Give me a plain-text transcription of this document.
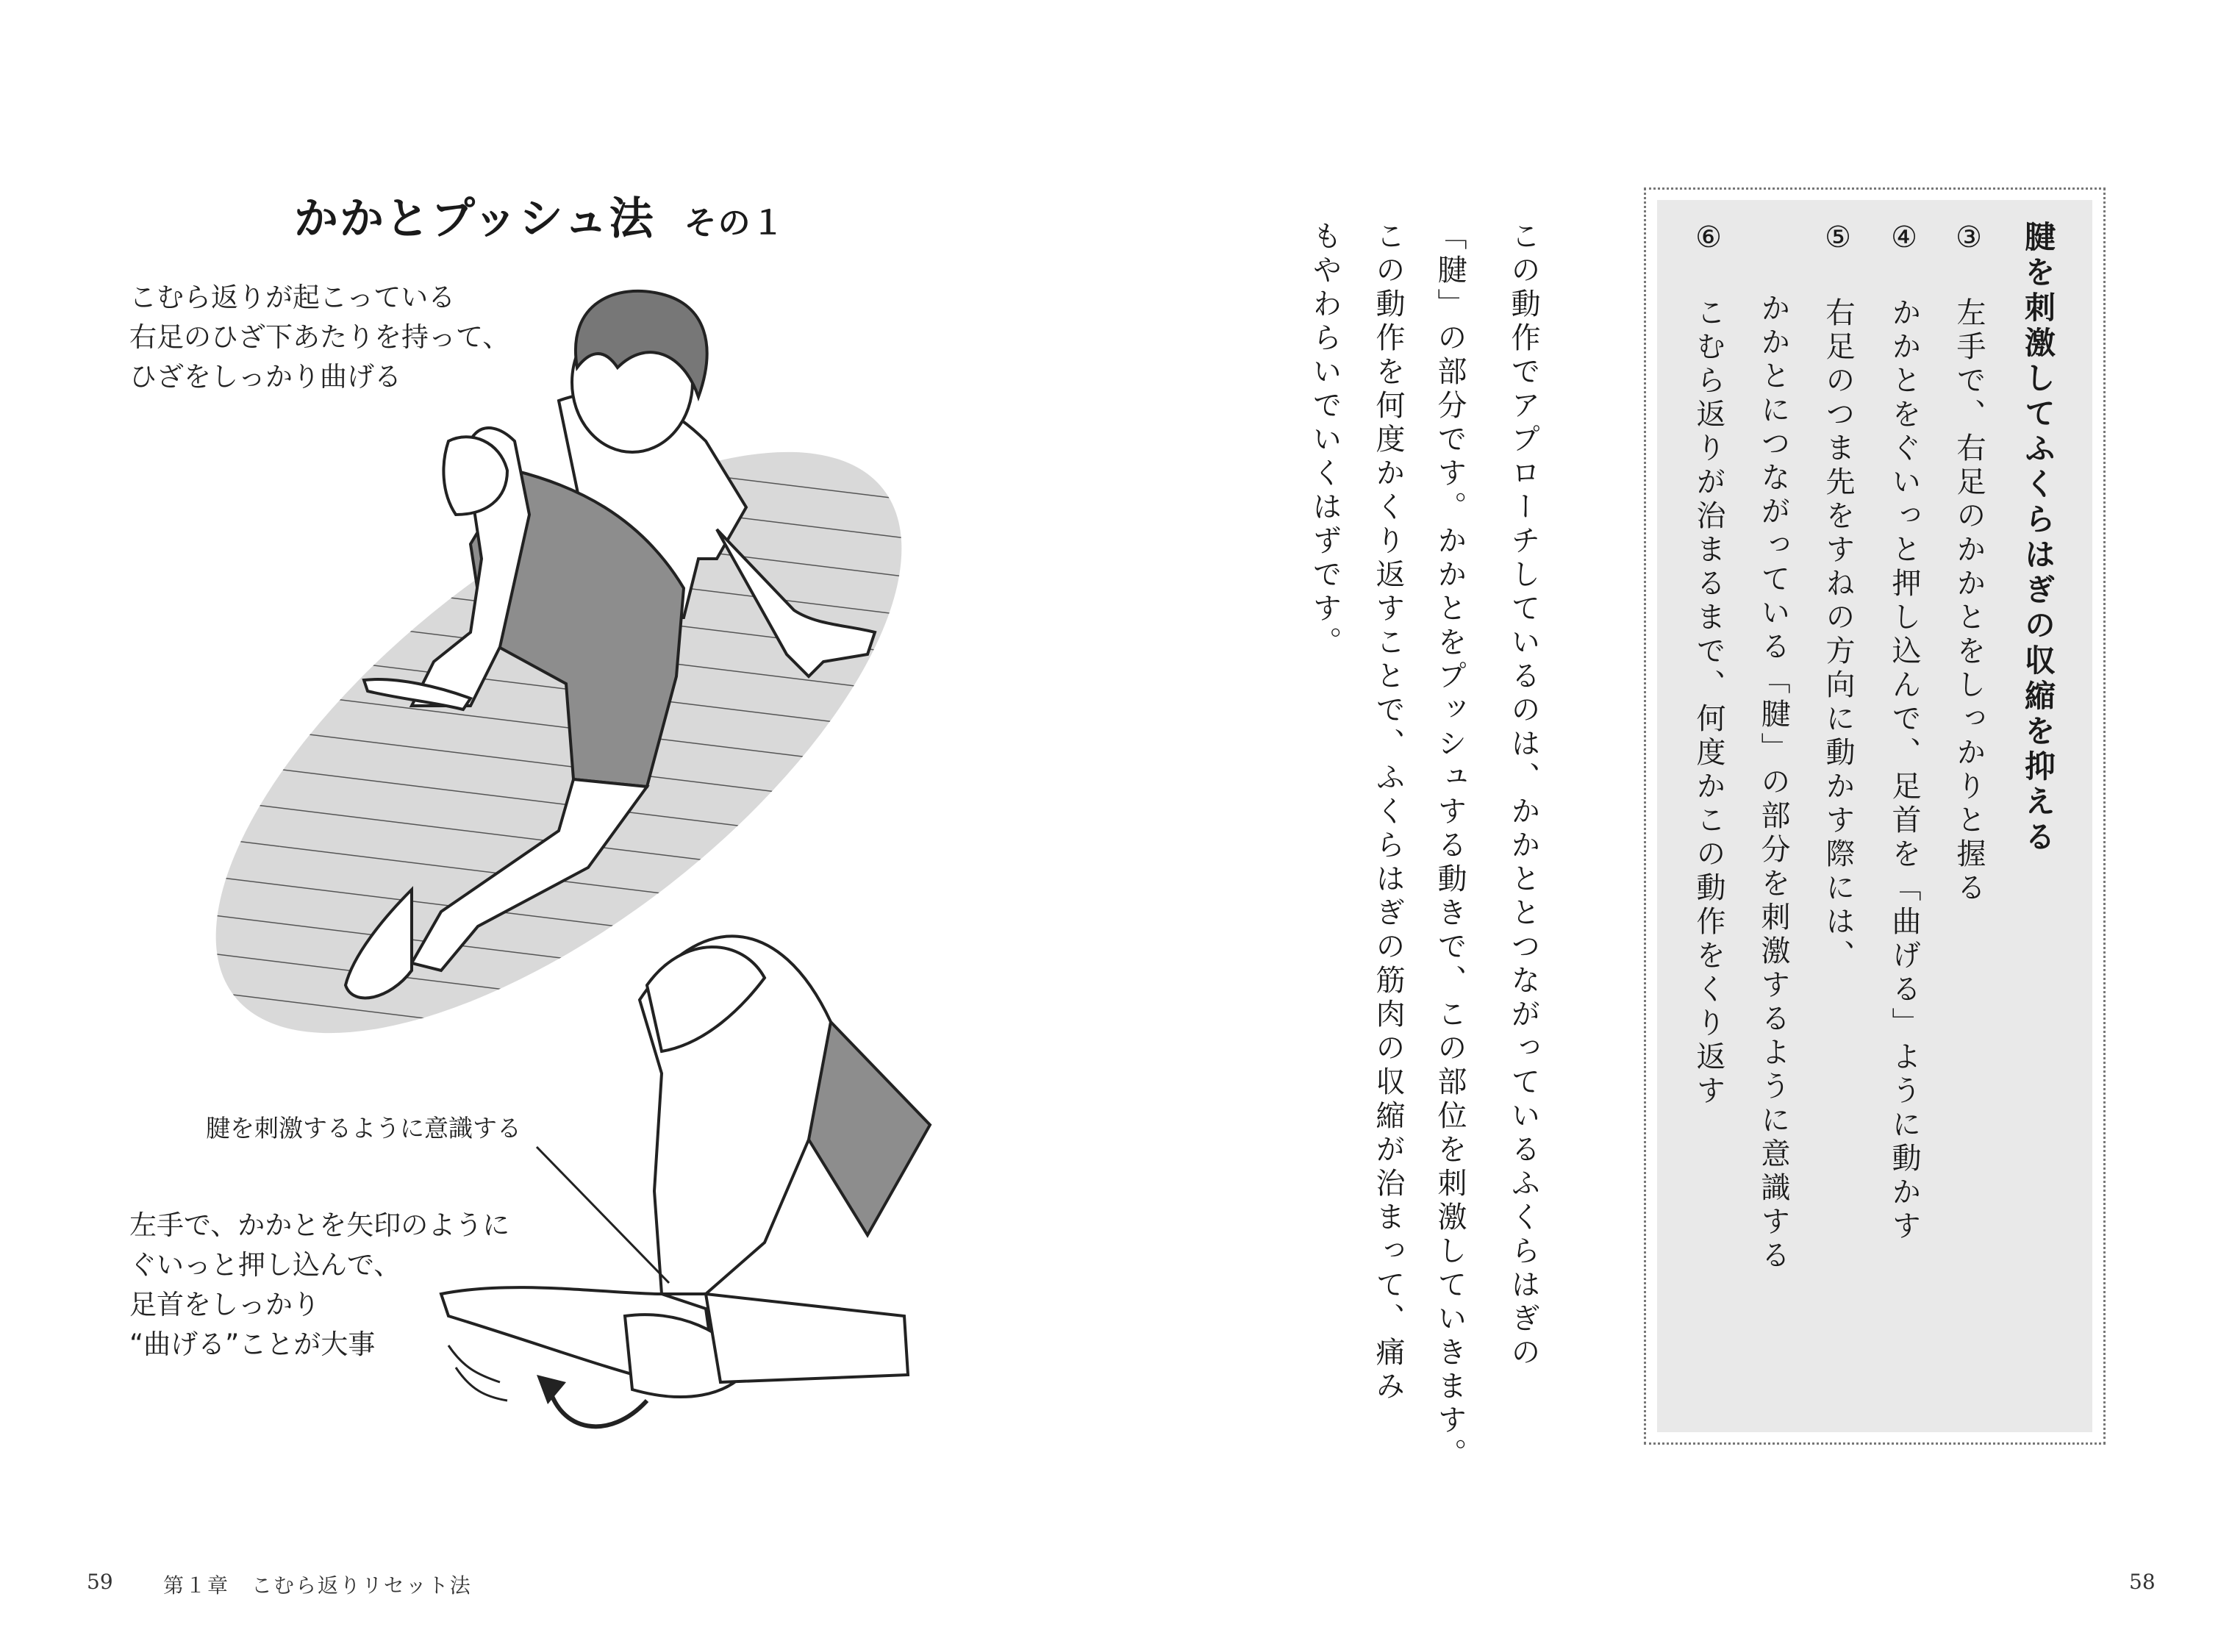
かかとプッシュ法 その１
こむら返りが起こっている
右足のひざ下あたりを持って、
ひざをしっかり曲げる
腱を刺激するように意識する
左手で、かかとを矢印のように
ぐいっと押し込んで、
足首をしっかり
“曲げる”ことが大事
59 第１章　こむら返りリセット法	58
この動作でアプローチしているのは、かかととつながっているふくらはぎの
「腱」の部分です。かかとをプッシュする動きで、この部位を刺激していきます。
この動作を何度かくり返すことで、ふくらはぎの筋肉の収縮が治まって、痛み
もやわらいでいくはずです。	腱を刺激してふくらはぎの収縮を抑える
③ 左手で、右足のかかとをしっかりと握る
④ かかとをぐいっと押し込んで、足首を「曲げる」ように動かす
⑤ 右足のつま先をすねの方向に動かす際には、
　 かかとにつながっている「腱」の部分を刺激するように意識する
⑥ こむら返りが治まるまで、何度かこの動作をくり返す
